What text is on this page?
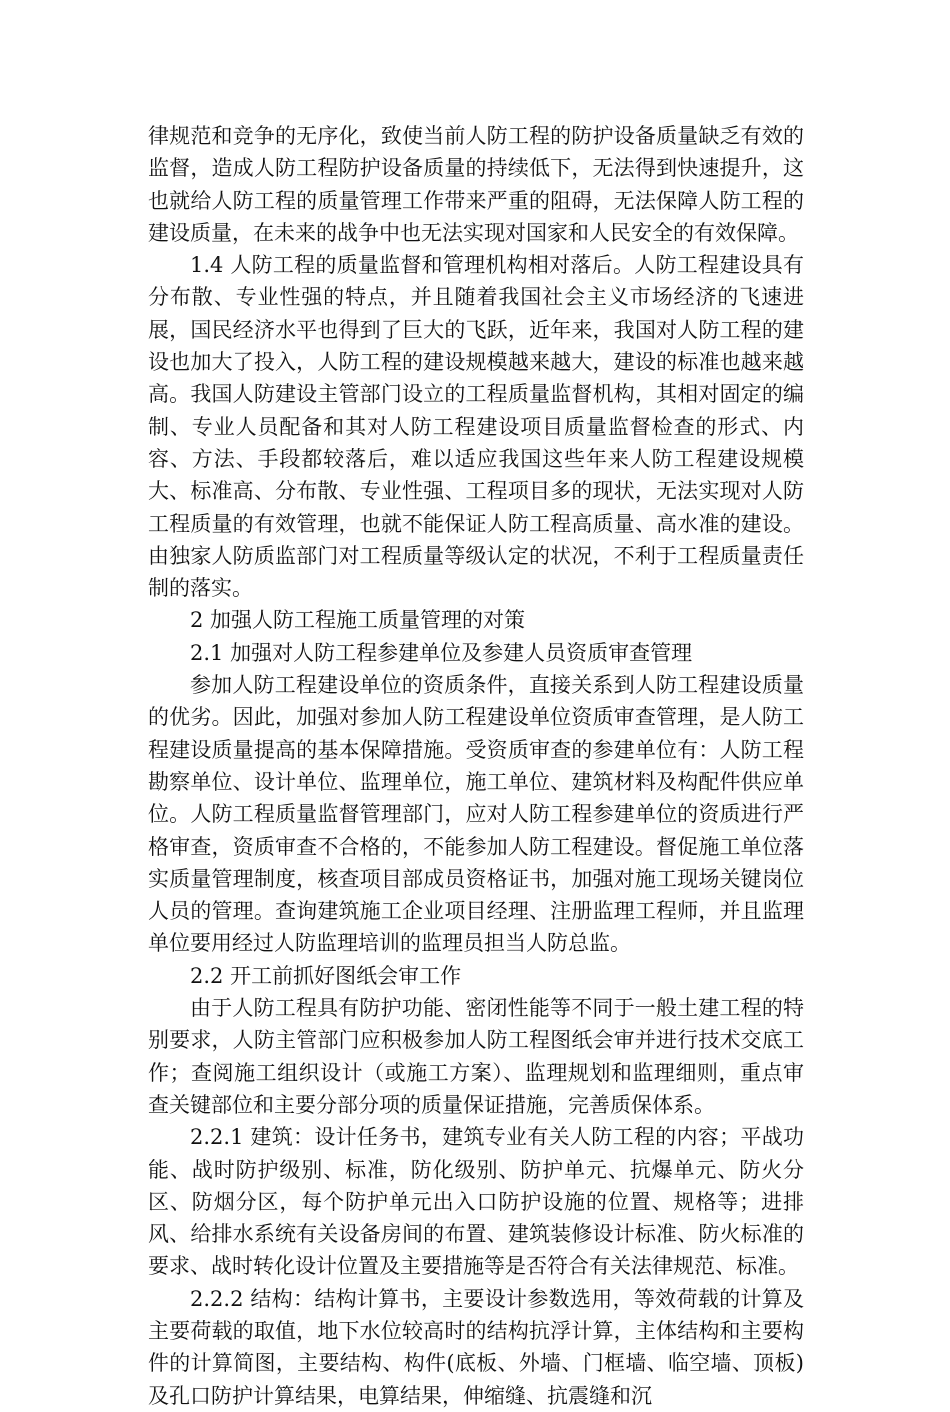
律规范和竞争的无序化，致使当前人防工程的防护设备质量缺乏有效的监督，造成人防工程防护设备质量的持续低下，无法得到快速提升，这也就给人防工程的质量管理工作带来严重的阻碍，无法保障人防工程的建设质量，在未来的战争中也无法实现对国家和人民安全的有效保障。

1.4 人防工程的质量监督和管理机构相对落后。人防工程建设具有分布散、专业性强的特点，并且随着我国社会主义市场经济的飞速进展，国民经济水平也得到了巨大的飞跃，近年来，我国对人防工程的建设也加大了投入，人防工程的建设规模越来越大，建设的标准也越来越高。我国人防建设主管部门设立的工程质量监督机构，其相对固定的编制、专业人员配备和其对人防工程建设项目质量监督检查的形式、内容、方法、手段都较落后，难以适应我国这些年来人防工程建设规模大、标准高、分布散、专业性强、工程项目多的现状，无法实现对人防工程质量的有效管理，也就不能保证人防工程高质量、高水准的建设。由独家人防质监部门对工程质量等级认定的状况，不利于工程质量责任制的落实。

2 加强人防工程施工质量管理的对策

2.1 加强对人防工程参建单位及参建人员资质审查管理

参加人防工程建设单位的资质条件，直接关系到人防工程建设质量的优劣。因此，加强对参加人防工程建设单位资质审查管理，是人防工程建设质量提高的基本保障措施。受资质审查的参建单位有：人防工程勘察单位、设计单位、监理单位，施工单位、建筑材料及构配件供应单位。人防工程质量监督管理部门，应对人防工程参建单位的资质进行严格审查，资质审查不合格的，不能参加人防工程建设。督促施工单位落实质量管理制度，核查项目部成员资格证书，加强对施工现场关键岗位人员的管理。查询建筑施工企业项目经理、注册监理工程师，并且监理单位要用经过人防监理培训的监理员担当人防总监。

2.2 开工前抓好图纸会审工作

由于人防工程具有防护功能、密闭性能等不同于一般土建工程的特别要求，人防主管部门应积极参加人防工程图纸会审并进行技术交底工作；查阅施工组织设计（或施工方案）、监理规划和监理细则，重点审查关键部位和主要分部分项的质量保证措施，完善质保体系。

2.2.1 建筑：设计任务书，建筑专业有关人防工程的内容；平战功能、战时防护级别、标准，防化级别、防护单元、抗爆单元、防火分区、防烟分区，每个防护单元出入口防护设施的位置、规格等；进排风、给排水系统有关设备房间的布置、建筑装修设计标准、防火标准的要求、战时转化设计位置及主要措施等是否符合有关法律规范、标准。

2.2.2 结构：结构计算书，主要设计参数选用，等效荷载的计算及主要荷载的取值，地下水位较高时的结构抗浮计算，主体结构和主要构件的计算简图，主要结构、构件(底板、外墙、门框墙、临空墙、顶板)及孔口防护计算结果，电算结果，伸缩缝、抗震缝和沉
